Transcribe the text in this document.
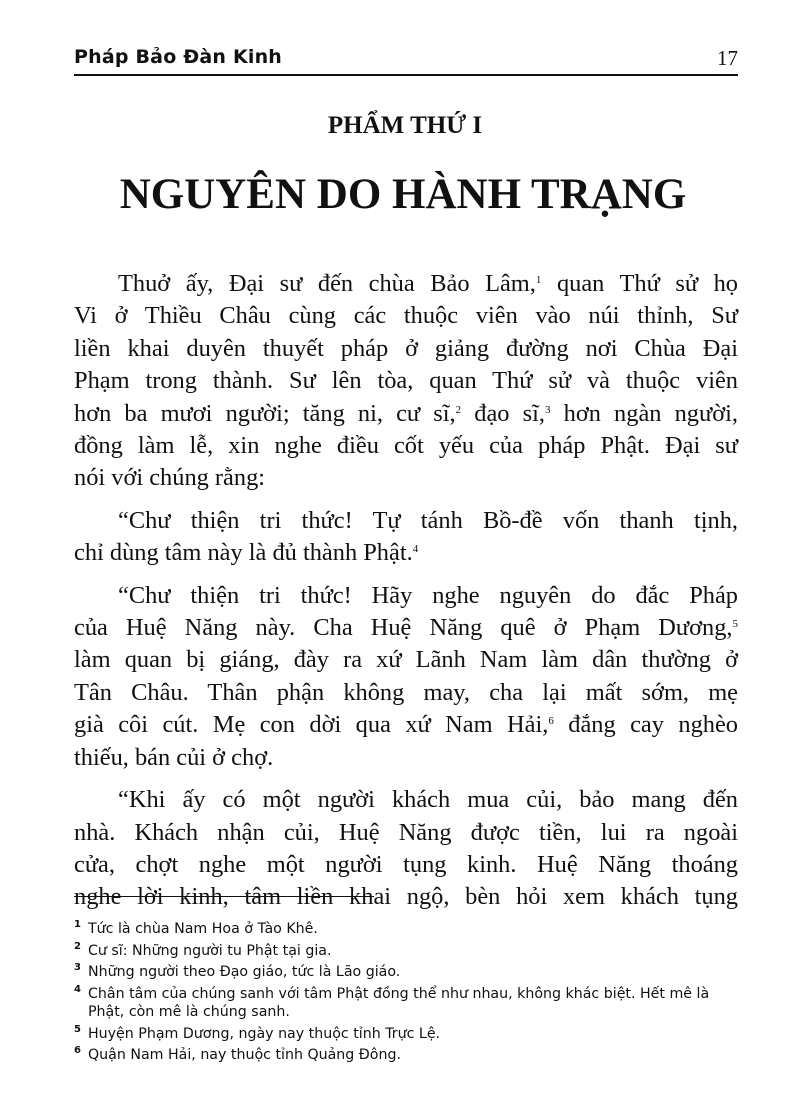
Pháp Bảo Đàn Kinh	17
PHẨM THỨ I
NGUYÊN DO HÀNH TRẠNG
Thuở ấy, Đại sư đến chùa Bảo Lâm,$^1$ quan Thứ sử họ
Vi ở Thiều Châu cùng các thuộc viên vào núi thỉnh, Sư
liền khai duyên thuyết pháp ở giảng đường nơi Chùa Đại
Phạm trong thành. Sư lên tòa, quan Thứ sử và thuộc viên
hơn ba mươi người; tăng ni, cư sĩ,$^2$ đạo sĩ,$^3$ hơn ngàn người,
đồng làm lễ, xin nghe điều cốt yếu của pháp Phật. Đại sư
nói với chúng rằng:
“Chư thiện tri thức! Tự tánh Bồ-đề vốn thanh tịnh,
chỉ dùng tâm này là đủ thành Phật.$^4$
“Chư thiện tri thức! Hãy nghe nguyên do đắc Pháp
của Huệ Năng này. Cha Huệ Năng quê ở Phạm Dương,$^5$
làm quan bị giáng, đày ra xứ Lãnh Nam làm dân thường ở
Tân Châu. Thân phận không may, cha lại mất sớm, mẹ
già côi cút. Mẹ con dời qua xứ Nam Hải,$^6$ đắng cay nghèo
thiếu, bán củi ở chợ.
“Khi ấy có một người khách mua củi, bảo mang đến
nhà. Khách nhận củi, Huệ Năng được tiền, lui ra ngoài
cửa, chợt nghe một người tụng kinh. Huệ Năng thoáng
nghe lời kinh, tâm liền khai ngộ, bèn hỏi xem khách tụng
1 Tức là chùa Nam Hoa ở Tào Khê.
2 Cư sĩ: Những người tu Phật tại gia.
3 Những người theo Đạo giáo, tức là Lão giáo.
4 Chân tâm của chúng sanh với tâm Phật đồng thể như nhau, không khác biệt. Hết mê là Phật, còn mê là chúng sanh.
5 Huyện Phạm Dương, ngày nay thuộc tỉnh Trực Lệ.
6 Quận Nam Hải, nay thuộc tỉnh Quảng Đông.
